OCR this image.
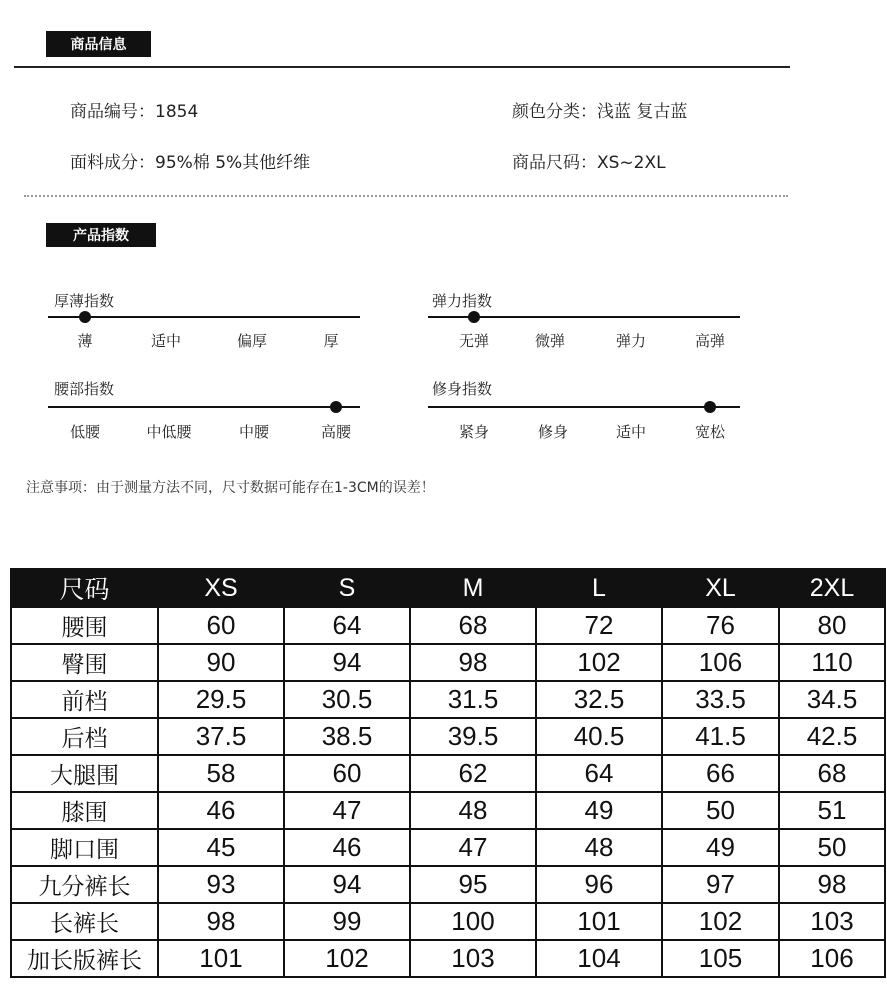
商品信息
商品编号：1854	颜色分类：浅蓝 复古蓝
面料成分：95%棉 5%其他纤维	商品尺码：XS~2XL
产品指数
厚薄指数
薄	适中	偏厚	厚
弹力指数
无弹	微弹	弹力	高弹
腰部指数
低腰	中低腰	中腰	高腰
修身指数
紧身	修身	适中	宽松
注意事项：由于测量方法不同，尺寸数据可能存在1-3CM的误差！
尺码	XS	S	M	L	XL	2XL
腰围	60	64	68	72	76	80
臀围	90	94	98	102	106	110
前档	29.5	30.5	31.5	32.5	33.5	34.5
后档	37.5	38.5	39.5	40.5	41.5	42.5
大腿围	58	60	62	64	66	68
膝围	46	47	48	49	50	51
脚口围	45	46	47	48	49	50
九分裤长	93	94	95	96	97	98
长裤长	98	99	100	101	102	103
加长版裤长	101	102	103	104	105	106
